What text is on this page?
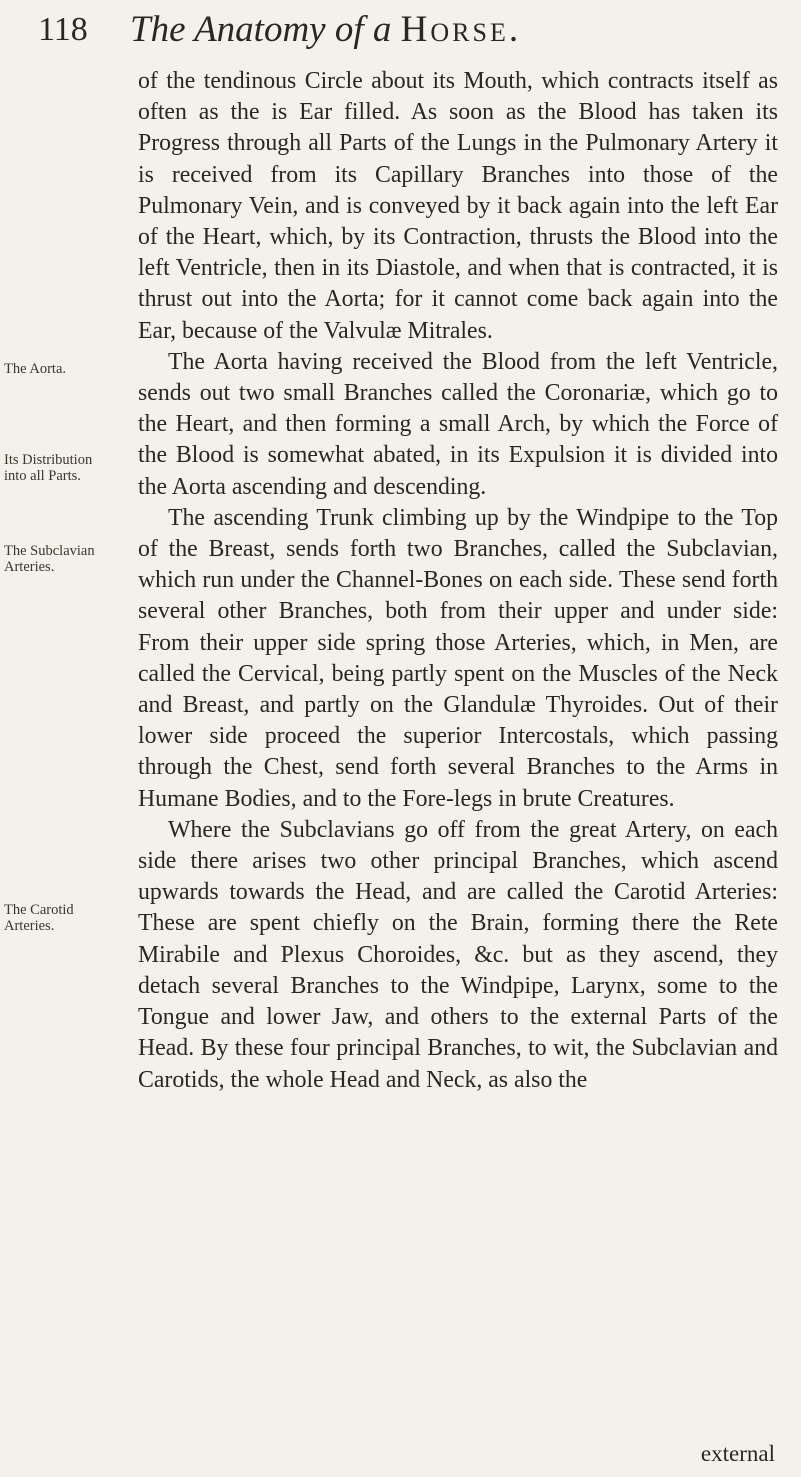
118 The Anatomy of a Horse.
The Aorta.
Its Distribution into all Parts.
The Subclavian Arteries.
The Carotid Arteries.

of the tendinous Circle about its Mouth, which contracts itself as often as the is Ear filled. As soon as the Blood has taken its Progress through all Parts of the Lungs in the Pulmonary Artery it is received from its Capillary Branches into those of the Pulmonary Vein, and is conveyed by it back again into the left Ear of the Heart, which, by its Contraction, thrusts the Blood into the left Ventricle, then in its Diastole, and when that is contracted, it is thrust out into the Aorta; for it cannot come back again into the Ear, because of the Valvulæ Mitrales.

The Aorta having received the Blood from the left Ventricle, sends out two small Branches called the Coronariæ, which go to the Heart, and then forming a small Arch, by which the Force of the Blood is somewhat abated, in its Expulsion it is divided into the Aorta ascending and descending.

The ascending Trunk climbing up by the Windpipe to the Top of the Breast, sends forth two Branches, called the Subclavian, which run under the Channel-Bones on each side. These send forth several other Branches, both from their upper and under side: From their upper side spring those Arteries, which, in Men, are called the Cervical, being partly spent on the Muscles of the Neck and Breast, and partly on the Glandulæ Thyroides. Out of their lower side proceed the superior Intercostals, which passing through the Chest, send forth several Branches to the Arms in Humane Bodies, and to the Fore-legs in brute Creatures.

Where the Subclavians go off from the great Artery, on each side there arises two other principal Branches, which ascend upwards towards the Head, and are called the Carotid Arteries: These are spent chiefly on the Brain, forming there the Rete Mirabile and Plexus Choroides, &c. but as they ascend, they detach several Branches to the Windpipe, Larynx, some to the Tongue and lower Jaw, and others to the external Parts of the Head. By these four principal Branches, to wit, the Subclavian and Carotids, the whole Head and Neck, as also the

external
